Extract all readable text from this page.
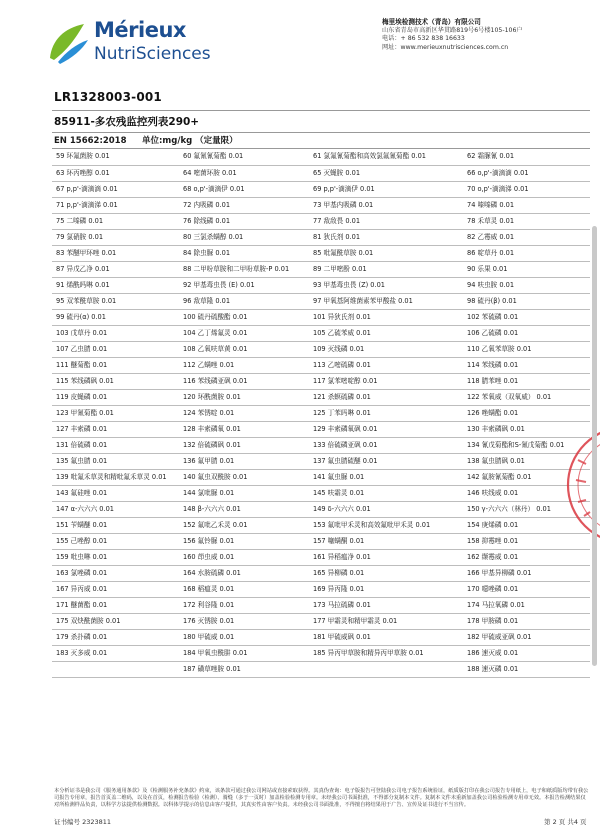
Mérieux
NutriSciences
梅里埃检测技术（青岛）有限公司
山东省青岛市高新区华贯路819号6号楼105-106户
电话：+ 86 532 838 16633
网址：www.merieuxnutrisciences.com.cn
LR1328003-001
85911-多农残监控列表290+
EN 15662:2018	单位:mg/kg （定量限）
59 环氟菌胺 0.01	60 氟氰氰菊酯 0.01	61 氯氟氰菊酯和高效氯氟氰菊酯 0.01	62 霜脲氰 0.01
63 环丙唑醇 0.01	64 嘧菌环胺 0.01	65 灭蝇胺 0.01	66 o,p'-滴滴滴 0.01
67 p,p'-滴滴滴 0.01	68 o,p'-滴滴伊 0.01	69 p,p'-滴滴伊 0.01	70 o,p'-滴滴涕 0.01
71 p,p'-滴滴涕 0.01	72 内吸磷 0.01	73 甲基内吸磷 0.01	74 嗪嗪磷 0.01
75 二嗪磷 0.01	76 除线磷 0.01	77 敌敌畏 0.01	78 禾草灵 0.01
79 氯硝胺 0.01	80 三氯杀螨醇 0.01	81 狄氏剂 0.01	82 乙霉威 0.01
83 苯醚甲环唑 0.01	84 除虫脲 0.01	85 吡氟酰草胺 0.01	86 啶草丹 0.01
87 异戊乙净 0.01	88 二甲吩草胺和二甲吩草胺-P 0.01	89 二甲嘧酚 0.01	90 乐果 0.01
91 烯酰吗啉 0.01	92 甲基毒虫畏 (E) 0.01	93 甲基毒虫畏 (Z) 0.01	94 呋虫胺 0.01
95 双苯酰草胺 0.01	96 敌草隆 0.01	97 甲氧基阿维菌素苯甲酸盐 0.01	98 硫丹(β) 0.01
99 硫丹(α) 0.01	100 硫丹硫酸酯 0.01	101 异狄氏剂 0.01	102 苯硫磷 0.01
103 戊草丹 0.01	104 乙丁烯氟灵 0.01	105 乙硫苯威 0.01	106 乙硫磷 0.01
107 乙虫腈 0.01	108 乙氧呋草黄 0.01	109 灭线磷 0.01	110 乙氧苯草胺 0.01
111 醚菊酯 0.01	112 乙螨唑 0.01	113 乙嘧硫磷 0.01	114 苯线磷 0.01
115 苯线磷砜 0.01	116 苯线磷亚砜 0.01	117 氯苯嘧啶醇 0.01	118 腈苯唑 0.01
119 皮蝇磷 0.01	120 环酰菌胺 0.01	121 杀螟硫磷 0.01	122 苯氧威（双氧威） 0.01
123 甲氰菊酯 0.01	124 苯锈啶 0.01	125 丁苯吗啉 0.01	126 唑螨酯 0.01
127 丰索磷 0.01	128 丰索磷氧 0.01	129 丰索磷氧砜 0.01	130 丰索磷砜 0.01
131 倍硫磷 0.01	132 倍硫磷砜 0.01	133 倍硫磷亚砜 0.01	134 氰戊菊酯和S-氰戊菊酯 0.01
135 氟虫腈 0.01	136 氟甲腈 0.01	137 氟虫腈硫醚 0.01	138 氟虫腈砜 0.01
139 吡氟禾草灵和精吡氟禾草灵 0.01	140 氟虫双酰胺 0.01	141 氟虫脲 0.01	142 氟胺氰菊酯 0.01
143 氟硅唑 0.01	144 氯吡脲 0.01	145 呋霜灵 0.01	146 呋线威 0.01
147 α-六六六 0.01	148 β-六六六 0.01	149 δ-六六六 0.01	150 γ-六六六（林丹） 0.01
151 苄螨醚 0.01	152 氟吡乙禾灵 0.01	153 氟吡甲禾灵和高效氟吡甲禾灵 0.01	154 庚烯磷 0.01
155 己唑醇 0.01	156 氟铃脲 0.01	157 噻螨酮 0.01	158 抑霉唑 0.01
159 吡虫啉 0.01	160 茚虫威 0.01	161 异稻瘟净 0.01	162 缬霉威 0.01
163 氯唑磷 0.01	164 水胺硫磷 0.01	165 异柳磷 0.01	166 甲基异柳磷 0.01
167 异丙威 0.01	168 稻瘟灵 0.01	169 异丙隆 0.01	170 噁唑磷 0.01
171 醚菌酯 0.01	172 利谷隆 0.01	173 马拉硫磷 0.01	174 马拉氧磷 0.01
175 双炔酰菌胺 0.01	176 灭锈胺 0.01	177 甲霜灵和精甲霜灵 0.01	178 甲胺磷 0.01
179 杀扑磷 0.01	180 甲硫威 0.01	181 甲硫威砜 0.01	182 甲硫威亚砜 0.01
183 灭多威 0.01	184 甲氧虫酰肼 0.01	185 异丙甲草胺和精异丙甲草胺 0.01	186 速灭威 0.01
	187 磺草唑胺 0.01		188 速灭磷 0.01
本分析证书是我公司《服务通用条款》及《检测服务补充条款》约束，该条款可通过我公司网站或直接索取获得。其真伪查询：电子版报告可登陆我公司电子报告系统验证，纸质版打印在我公司报告专用纸上，电子和纸质版均带有我公司报告专用章，报告首页盖二维码，以及在首页，检测报告检验（检测）、骑缝（多于一页时）加盖检验检测专用章。未经我公司书面批准，不得部分复制本文件。复制本文件未重新加盖我公司检验检测专用章无效。本报告检测结果仅对所检测样品负责，以科学方法提供检测数据。以科体学提示的信息由客户提供，其真实性由客户负责。未经我公司书面批准，不得擅自将结果用于广告、宣传及证书进行不当宣传。
证书编号 2323811	第 2 页 共4 页
